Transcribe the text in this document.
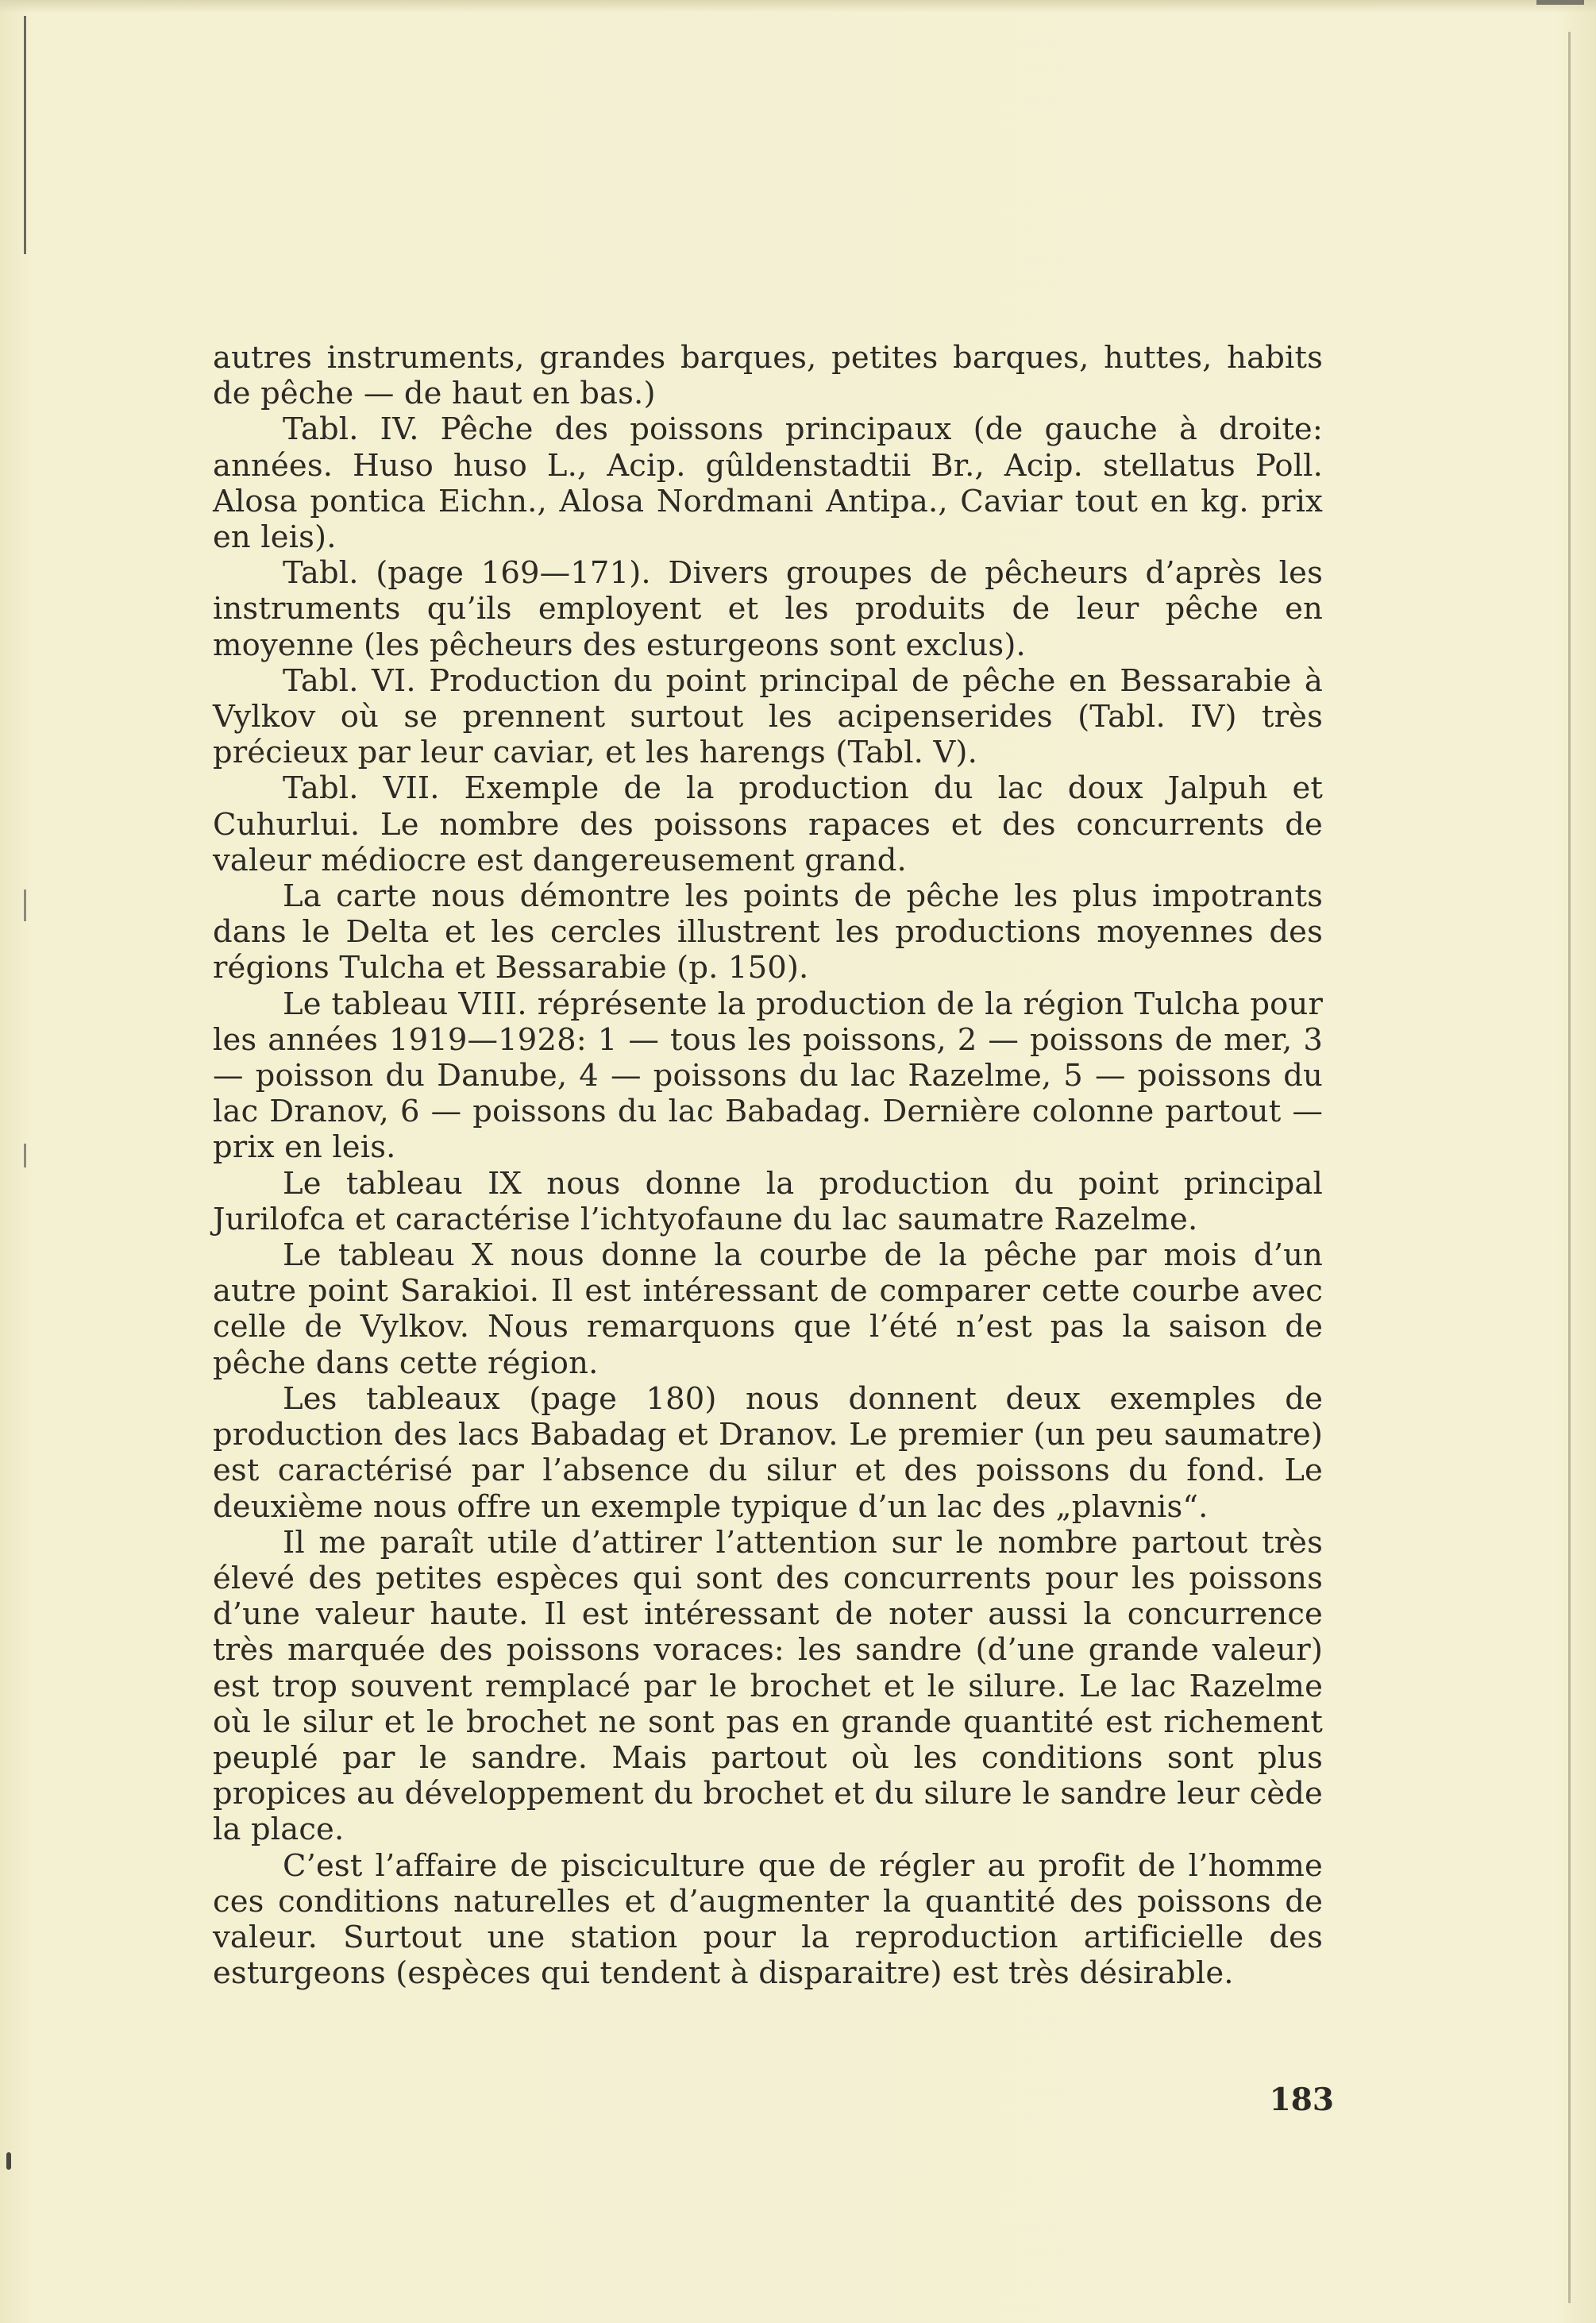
autres instruments, grandes barques, petites barques, huttes, habits de pêche — de haut en bas.)

Tabl. IV. Pêche des poissons principaux (de gauche à droite: années. Huso huso L., Acip. gûldenstadtii Br., Acip. stellatus Poll. Alosa pontica Eichn., Alosa Nordmani Antipa., Caviar tout en kg. prix en leis).

Tabl. (page 169—171). Divers groupes de pêcheurs d’après les instruments qu’ils employent et les produits de leur pêche en moyenne (les pêcheurs des esturgeons sont exclus).

Tabl. VI. Production du point principal de pêche en Bessarabie à Vylkov où se prennent surtout les acipenserides (Tabl. IV) très précieux par leur caviar, et les harengs (Tabl. V).

Tabl. VII. Exemple de la production du lac doux Jalpuh et Cuhurlui. Le nombre des poissons rapaces et des concurrents de valeur médiocre est dangereusement grand.

La carte nous démontre les points de pêche les plus impotrants dans le Delta et les cercles illustrent les productions moyennes des régions Tulcha et Bessarabie (p. 150).

Le tableau VIII. réprésente la production de la région Tulcha pour les années 1919—1928: 1 — tous les poissons, 2 — poissons de mer, 3 — poisson du Danube, 4 — poissons du lac Razelme, 5 — poissons du lac Dranov, 6 — poissons du lac Babadag. Dernière colonne partout — prix en leis.

Le tableau IX nous donne la production du point principal Jurilofca et caractérise l’ichtyofaune du lac saumatre Razelme.

Le tableau X nous donne la courbe de la pêche par mois d’un autre point Sarakioi. Il est intéressant de comparer cette courbe avec celle de Vylkov. Nous remarquons que l’été n’est pas la saison de pêche dans cette région.

Les tableaux (page 180) nous donnent deux exemples de production des lacs Babadag et Dranov. Le premier (un peu saumatre) est caractérisé par l’absence du silur et des poissons du fond. Le deuxième nous offre un exemple typique d’un lac des „plavnis“.

Il me paraît utile d’attirer l’attention sur le nombre partout très élevé des petites espèces qui sont des concurrents pour les poissons d’une valeur haute. Il est intéressant de noter aussi la concurrence très marquée des poissons voraces: les sandre (d’une grande valeur) est trop souvent remplacé par le brochet et le silure. Le lac Razelme où le silur et le brochet ne sont pas en grande quantité est richement peuplé par le sandre. Mais partout où les conditions sont plus propices au développement du brochet et du silure le sandre leur cède la place.

C’est l’affaire de pisciculture que de régler au profit de l’homme ces conditions naturelles et d’augmenter la quantité des poissons de valeur. Surtout une station pour la reproduction artificielle des esturgeons (espèces qui tendent à disparaitre) est très désirable.

183
